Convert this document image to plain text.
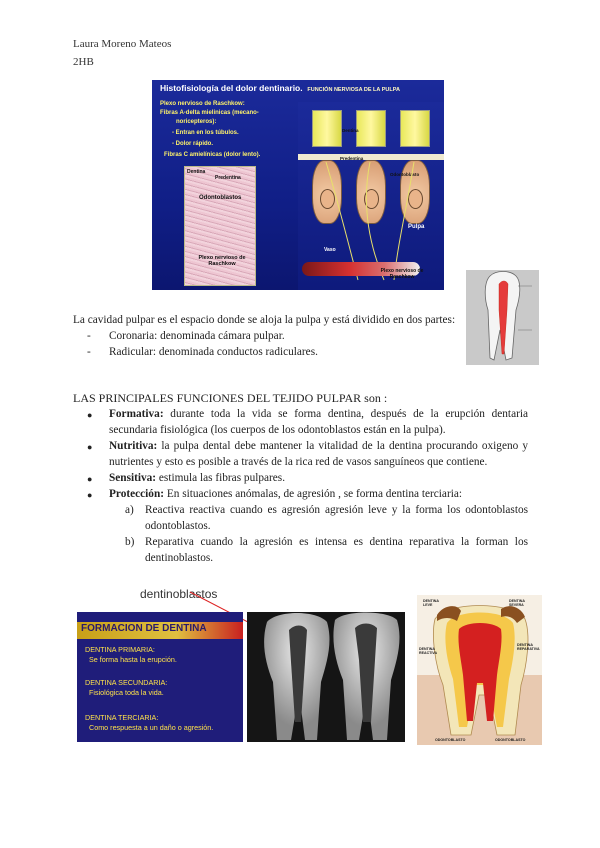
Laura Moreno Mateos
2HB
Histofisiología del dolor dentinario. FUNCIÓN NERVIOSA DE LA PULPA
Plexo nervioso de Raschkow:
Fibras A-delta mielinicas (mecano-
noricepteros):
- Entran en los túbulos.
- Dolor rápido.
Fibras C amielínicas (dolor lento).
Dentina
Predentina
Odontoblastos
Plexo nervioso de Raschkow
Dentina
Predentina
Odontoblasto
Pulpa
Vaso
Plexo nervioso de Raschkow

La cavidad pulpar es el espacio donde se aloja la pulpa y está dividido en dos partes:

- Coronaria: denominada cámara pulpar.
- Radicular: denominada conductos radiculares.

LAS PRINCIPALES FUNCIONES DEL TEJIDO PULPAR son :

● Formativa: durante toda la vida se forma dentina, después de la erupción dentaria secundaria fisiológica (los cuerpos de los odontoblastos están en la pulpa).
● Nutritiva: la pulpa dental debe mantener la vitalidad de la dentina procurando oxigeno y nutrientes y esto es posible a través de la rica red de vasos sanguíneos que contiene.
● Sensitiva: estimula las fibras pulpares.
● Protección: En situaciones anómalas, de agresión , se forma dentina terciaria:
a) Reactiva reactiva cuando es agresión agresión leve y la forma los odontoblastos odontoblastos.
b) Reparativa cuando la agresión es intensa es dentina reparativa la forman los dentinoblastos.
dentinoblastos
FORMACION DE DENTINA
DENTINA PRIMARIA:
Se forma hasta la erupción.
DENTINA SECUNDARIA:
Fisiológica toda la vida.
DENTINA TERCIARIA:
Como respuesta a un daño o agresión.
DENTINA LEVE
DENTINA SEVERA
DENTINA REACTIVA
DENTINA REPARATIVA
ODONTOBLASTO	ODONTOBLASTO
